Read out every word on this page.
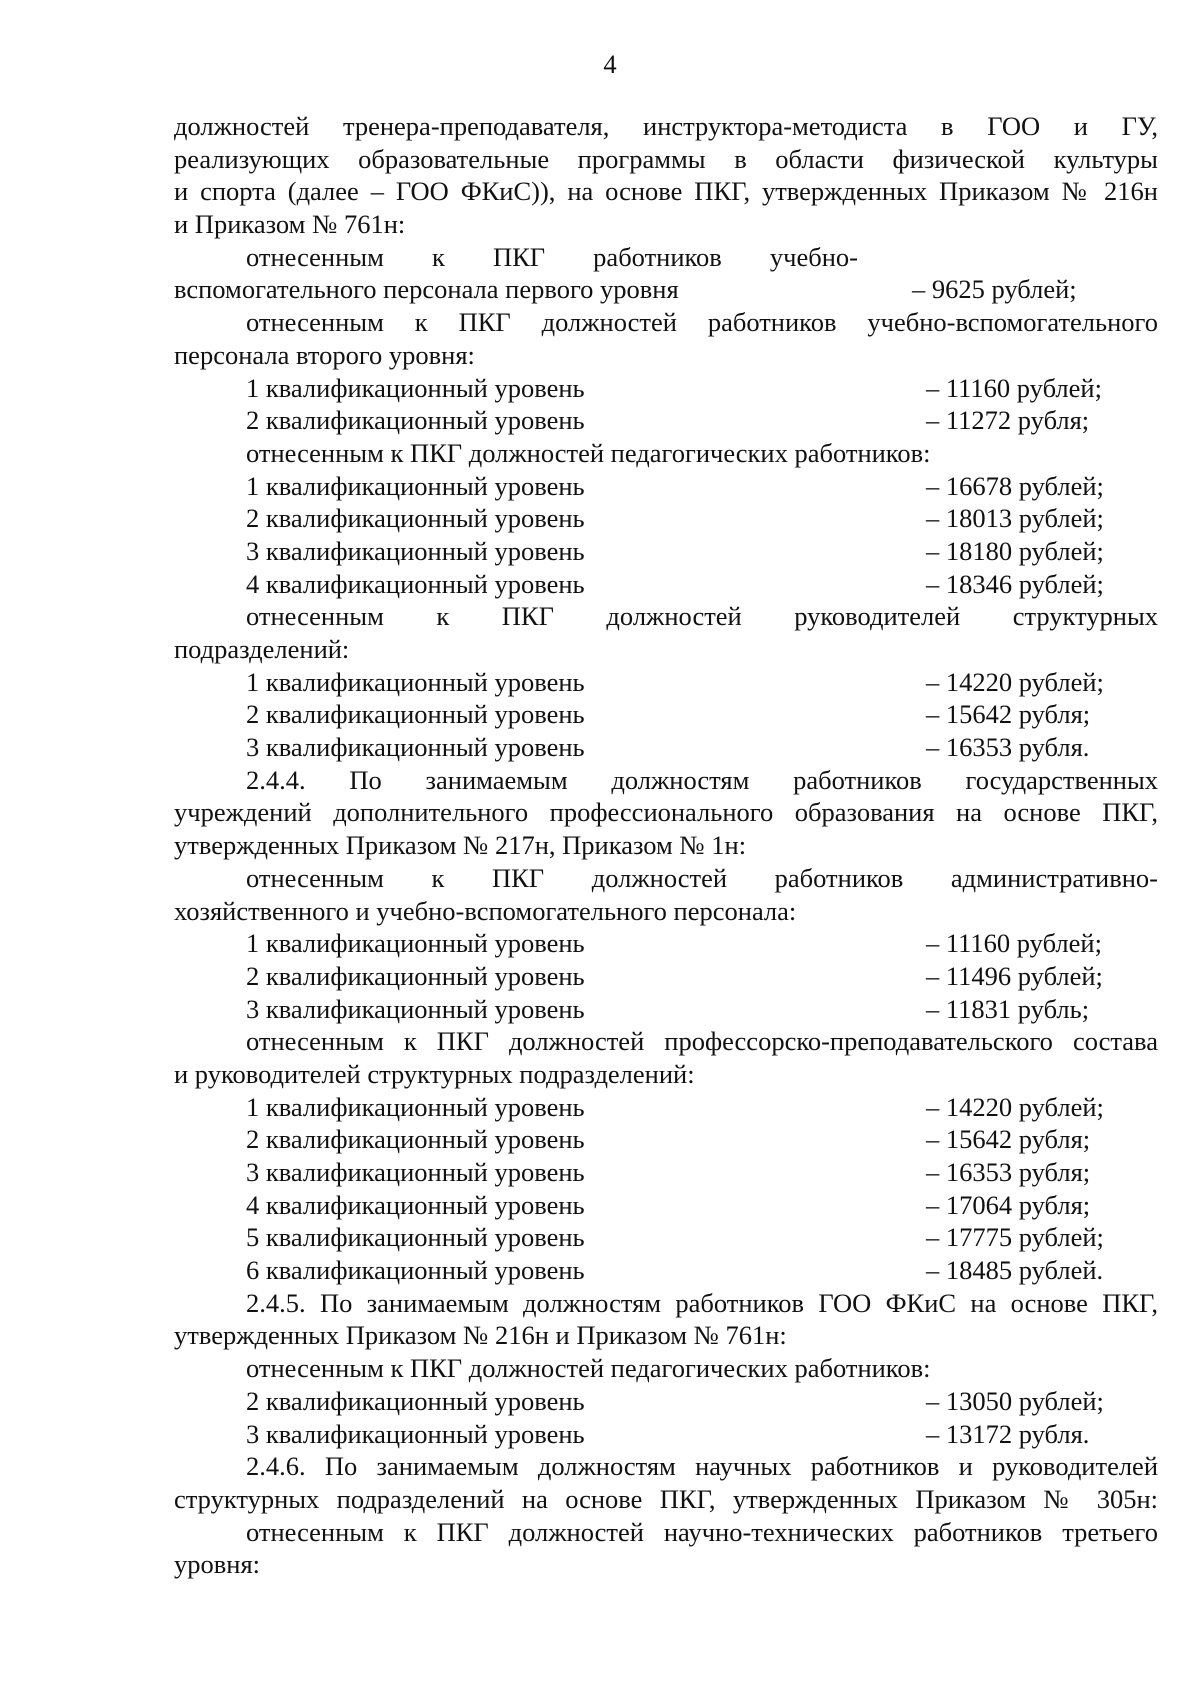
4
должностей тренера-преподавателя, инструктора-методиста в ГОО и ГУ,
реализующих образовательные программы в области физической культуры
и спорта (далее – ГОО ФКиС)), на основе ПКГ, утвержденных Приказом № 216н
и Приказом № 761н:
отнесенным к ПКГ работников учебно-
вспомогательного персонала первого уровня	– 9625 рублей;
отнесенным к ПКГ должностей работников учебно-вспомогательного
персонала второго уровня:
1 квалификационный уровень	– 11160 рублей;
2 квалификационный уровень	– 11272 рубля;
отнесенным к ПКГ должностей педагогических работников:
1 квалификационный уровень	– 16678 рублей;
2 квалификационный уровень	– 18013 рублей;
3 квалификационный уровень	– 18180 рублей;
4 квалификационный уровень	– 18346 рублей;
отнесенным к ПКГ должностей руководителей структурных
подразделений:
1 квалификационный уровень	– 14220 рублей;
2 квалификационный уровень	– 15642 рубля;
3 квалификационный уровень	– 16353 рубля.
2.4.4. По занимаемым должностям работников государственных
учреждений дополнительного профессионального образования на основе ПКГ,
утвержденных Приказом № 217н, Приказом № 1н:
отнесенным к ПКГ должностей работников административно-
хозяйственного и учебно-вспомогательного персонала:
1 квалификационный уровень	– 11160 рублей;
2 квалификационный уровень	– 11496 рублей;
3 квалификационный уровень	– 11831 рубль;
отнесенным к ПКГ должностей профессорско-преподавательского состава
и руководителей структурных подразделений:
1 квалификационный уровень	– 14220 рублей;
2 квалификационный уровень	– 15642 рубля;
3 квалификационный уровень	– 16353 рубля;
4 квалификационный уровень	– 17064 рубля;
5 квалификационный уровень	– 17775 рублей;
6 квалификационный уровень	– 18485 рублей.
2.4.5. По занимаемым должностям работников ГОО ФКиС на основе ПКГ,
утвержденных Приказом № 216н и Приказом № 761н:
отнесенным к ПКГ должностей педагогических работников:
2 квалификационный уровень	– 13050 рублей;
3 квалификационный уровень	– 13172 рубля.
2.4.6. По занимаемым должностям научных работников и руководителей
структурных подразделений на основе ПКГ, утвержденных Приказом № 305н:
отнесенным к ПКГ должностей научно-технических работников третьего
уровня:
